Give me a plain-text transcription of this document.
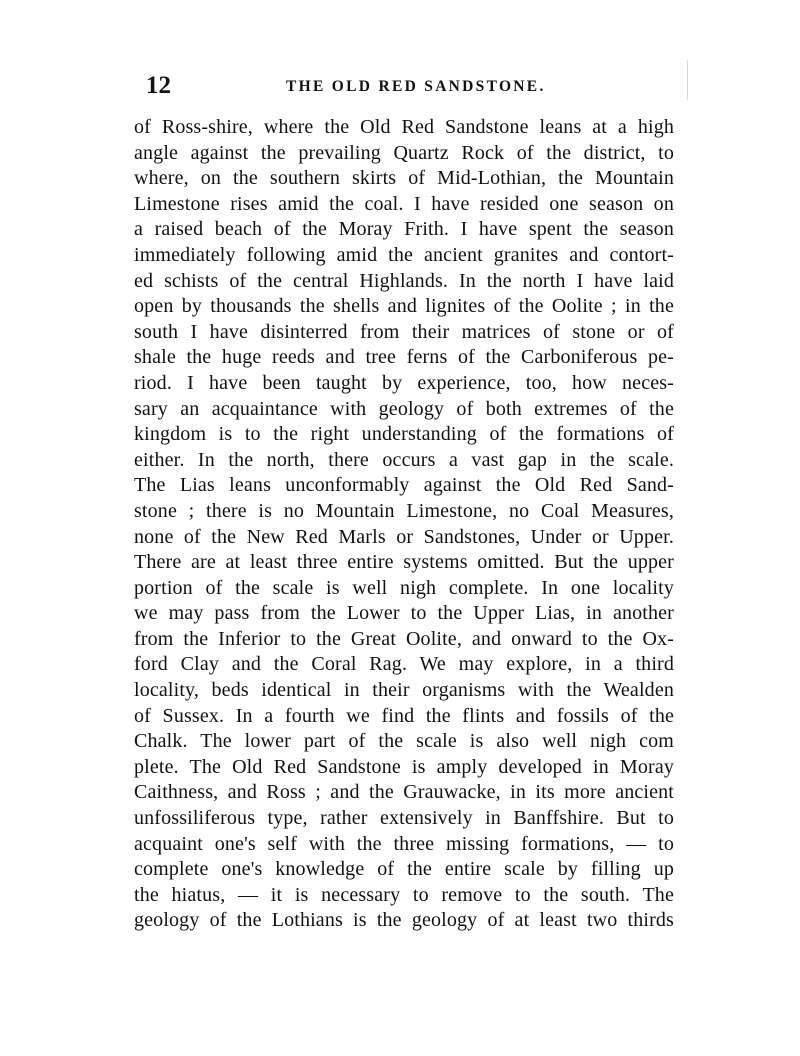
12	THE OLD RED SANDSTONE.
of Ross-shire, where the Old Red Sandstone leans at a high
angle against the prevailing Quartz Rock of the district, to
where, on the southern skirts of Mid-Lothian, the Mountain
Limestone rises amid the coal. I have resided one season on
a raised beach of the Moray Frith. I have spent the season
immediately following amid the ancient granites and contort-
ed schists of the central Highlands. In the north I have laid
open by thousands the shells and lignites of the Oolite ; in the
south I have disinterred from their matrices of stone or of
shale the huge reeds and tree ferns of the Carboniferous pe-
riod. I have been taught by experience, too, how neces-
sary an acquaintance with geology of both extremes of the
kingdom is to the right understanding of the formations of
either. In the north, there occurs a vast gap in the scale.
The Lias leans unconformably against the Old Red Sand-
stone ; there is no Mountain Limestone, no Coal Measures,
none of the New Red Marls or Sandstones, Under or Upper.
There are at least three entire systems omitted. But the upper
portion of the scale is well nigh complete. In one locality
we may pass from the Lower to the Upper Lias, in another
from the Inferior to the Great Oolite, and onward to the Ox-
ford Clay and the Coral Rag. We may explore, in a third
locality, beds identical in their organisms with the Wealden
of Sussex. In a fourth we find the flints and fossils of the
Chalk. The lower part of the scale is also well nigh com
plete. The Old Red Sandstone is amply developed in Moray
Caithness, and Ross ; and the Grauwacke, in its more ancient
unfossiliferous type, rather extensively in Banffshire. But to
acquaint one's self with the three missing formations, — to
complete one's knowledge of the entire scale by filling up
the hiatus, — it is necessary to remove to the south. The
geology of the Lothians is the geology of at least two thirds
